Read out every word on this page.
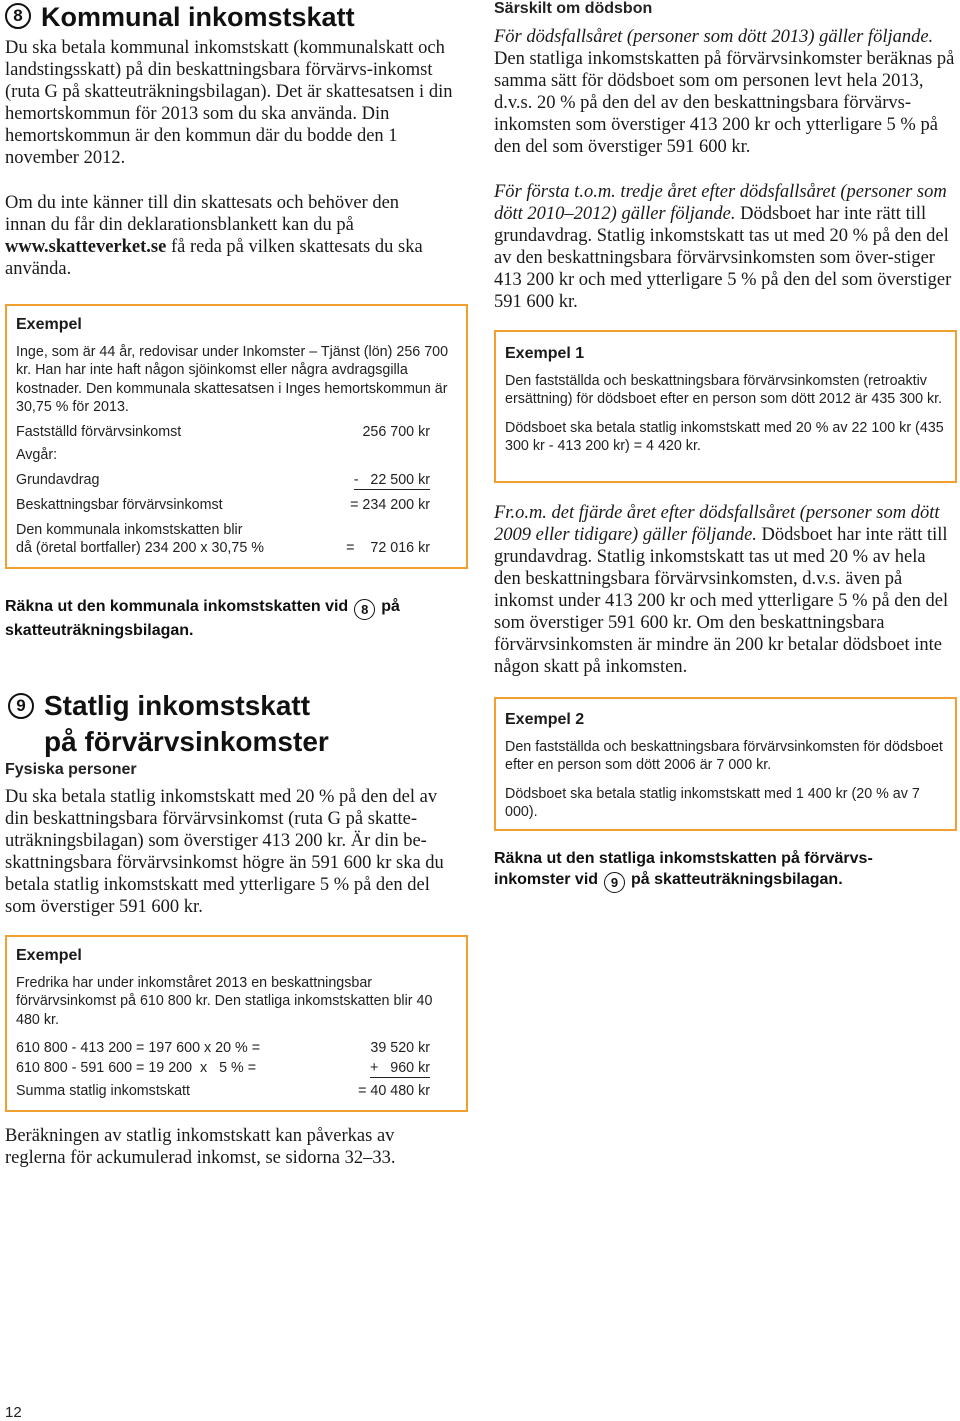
8 Kommunal inkomstskatt

Du ska betala kommunal inkomstskatt (kommunalskatt och landstingsskatt) på din beskattningsbara förvärvs-inkomst (ruta G på skatteuträkningsbilagan). Det är skattesatsen i din hemortskommun för 2013 som du ska använda. Din hemortskommun är den kommun där du bodde den 1 november 2012.

Om du inte känner till din skattesats och behöver den innan du får din deklarationsblankett kan du på www.skatteverket.se få reda på vilken skattesats du ska använda.

Exempel

Inge, som är 44 år, redovisar under Inkomster – Tjänst (lön) 256 700 kr. Han har inte haft någon sjöinkomst eller några avdragsgilla kostnader. Den kommunala skattesatsen i Inges hemortskommun är 30,75 % för 2013.

Fastställd förvärvsinkomst	256 700 kr
Avgår:
Grundavdrag	-   22 500 kr
Beskattningsbar förvärvsinkomst	= 234 200 kr
Den kommunala inkomstskatten blir
då (öretal bortfaller) 234 200 x 30,75 %	=    72 016 kr
Räkna ut den kommunala inkomstskatten vid 8 på skatteuträkningsbilagan.
9 Statlig inkomstskatt
på förvärvsinkomster
Fysiska personer

Du ska betala statlig inkomstskatt med 20 % på den del av din beskattningsbara förvärvsinkomst (ruta G på skatte-uträkningsbilagan) som överstiger 413 200 kr. Är din be-skattningsbara förvärvsinkomst högre än 591 600 kr ska du betala statlig inkomstskatt med ytterligare 5 % på den del som överstiger 591 600 kr.

Exempel

Fredrika har under inkomståret 2013 en beskattningsbar förvärvsinkomst på 610 800 kr. Den statliga inkomstskatten blir 40 480 kr.

610 800 - 413 200 = 197 600 x 20 % =	39 520 kr
610 800 - 591 600 = 19 200  x   5 % =	+   960 kr
Summa statlig inkomstskatt	= 40 480 kr

Beräkningen av statlig inkomstskatt kan påverkas av reglerna för ackumulerad inkomst, se sidorna 32–33.

Särskilt om dödsbon

För dödsfallsåret (personer som dött 2013) gäller följande. Den statliga inkomstskatten på förvärvsinkomster beräknas på samma sätt för dödsboet som om personen levt hela 2013, d.v.s. 20 % på den del av den beskattningsbara förvärvs-inkomsten som överstiger 413 200 kr och ytterligare 5 % på den del som överstiger 591 600 kr.

För första t.o.m. tredje året efter dödsfallsåret (personer som dött 2010–2012) gäller följande. Dödsboet har inte rätt till grundavdrag. Statlig inkomstskatt tas ut med 20 % på den del av den beskattningsbara förvärvsinkomsten som över-stiger 413 200 kr och med ytterligare 5 % på den del som överstiger 591 600 kr.

Exempel 1

Den fastställda och beskattningsbara förvärvsinkomsten (retroaktiv ersättning) för dödsboet efter en person som dött 2012 är 435 300 kr.

Dödsboet ska betala statlig inkomstskatt med 20 % av 22 100 kr (435 300 kr - 413 200 kr) = 4 420 kr.

Fr.o.m. det fjärde året efter dödsfallsåret (personer som dött 2009 eller tidigare) gäller följande. Dödsboet har inte rätt till grundavdrag. Statlig inkomstskatt tas ut med 20 % av hela den beskattningsbara förvärvsinkomsten, d.v.s. även på inkomst under 413 200 kr och med ytterligare 5 % på den del som överstiger 591 600 kr. Om den beskattningsbara förvärvsinkomsten är mindre än 200 kr betalar dödsboet inte någon skatt på inkomsten.

Exempel 2

Den fastställda och beskattningsbara förvärvsinkomsten för dödsboet efter en person som dött 2006 är 7 000 kr.

Dödsboet ska betala statlig inkomstskatt med 1 400 kr (20 % av 7 000).

Räkna ut den statliga inkomstskatten på förvärvs-inkomster vid 9 på skatteuträkningsbilagan.
12
